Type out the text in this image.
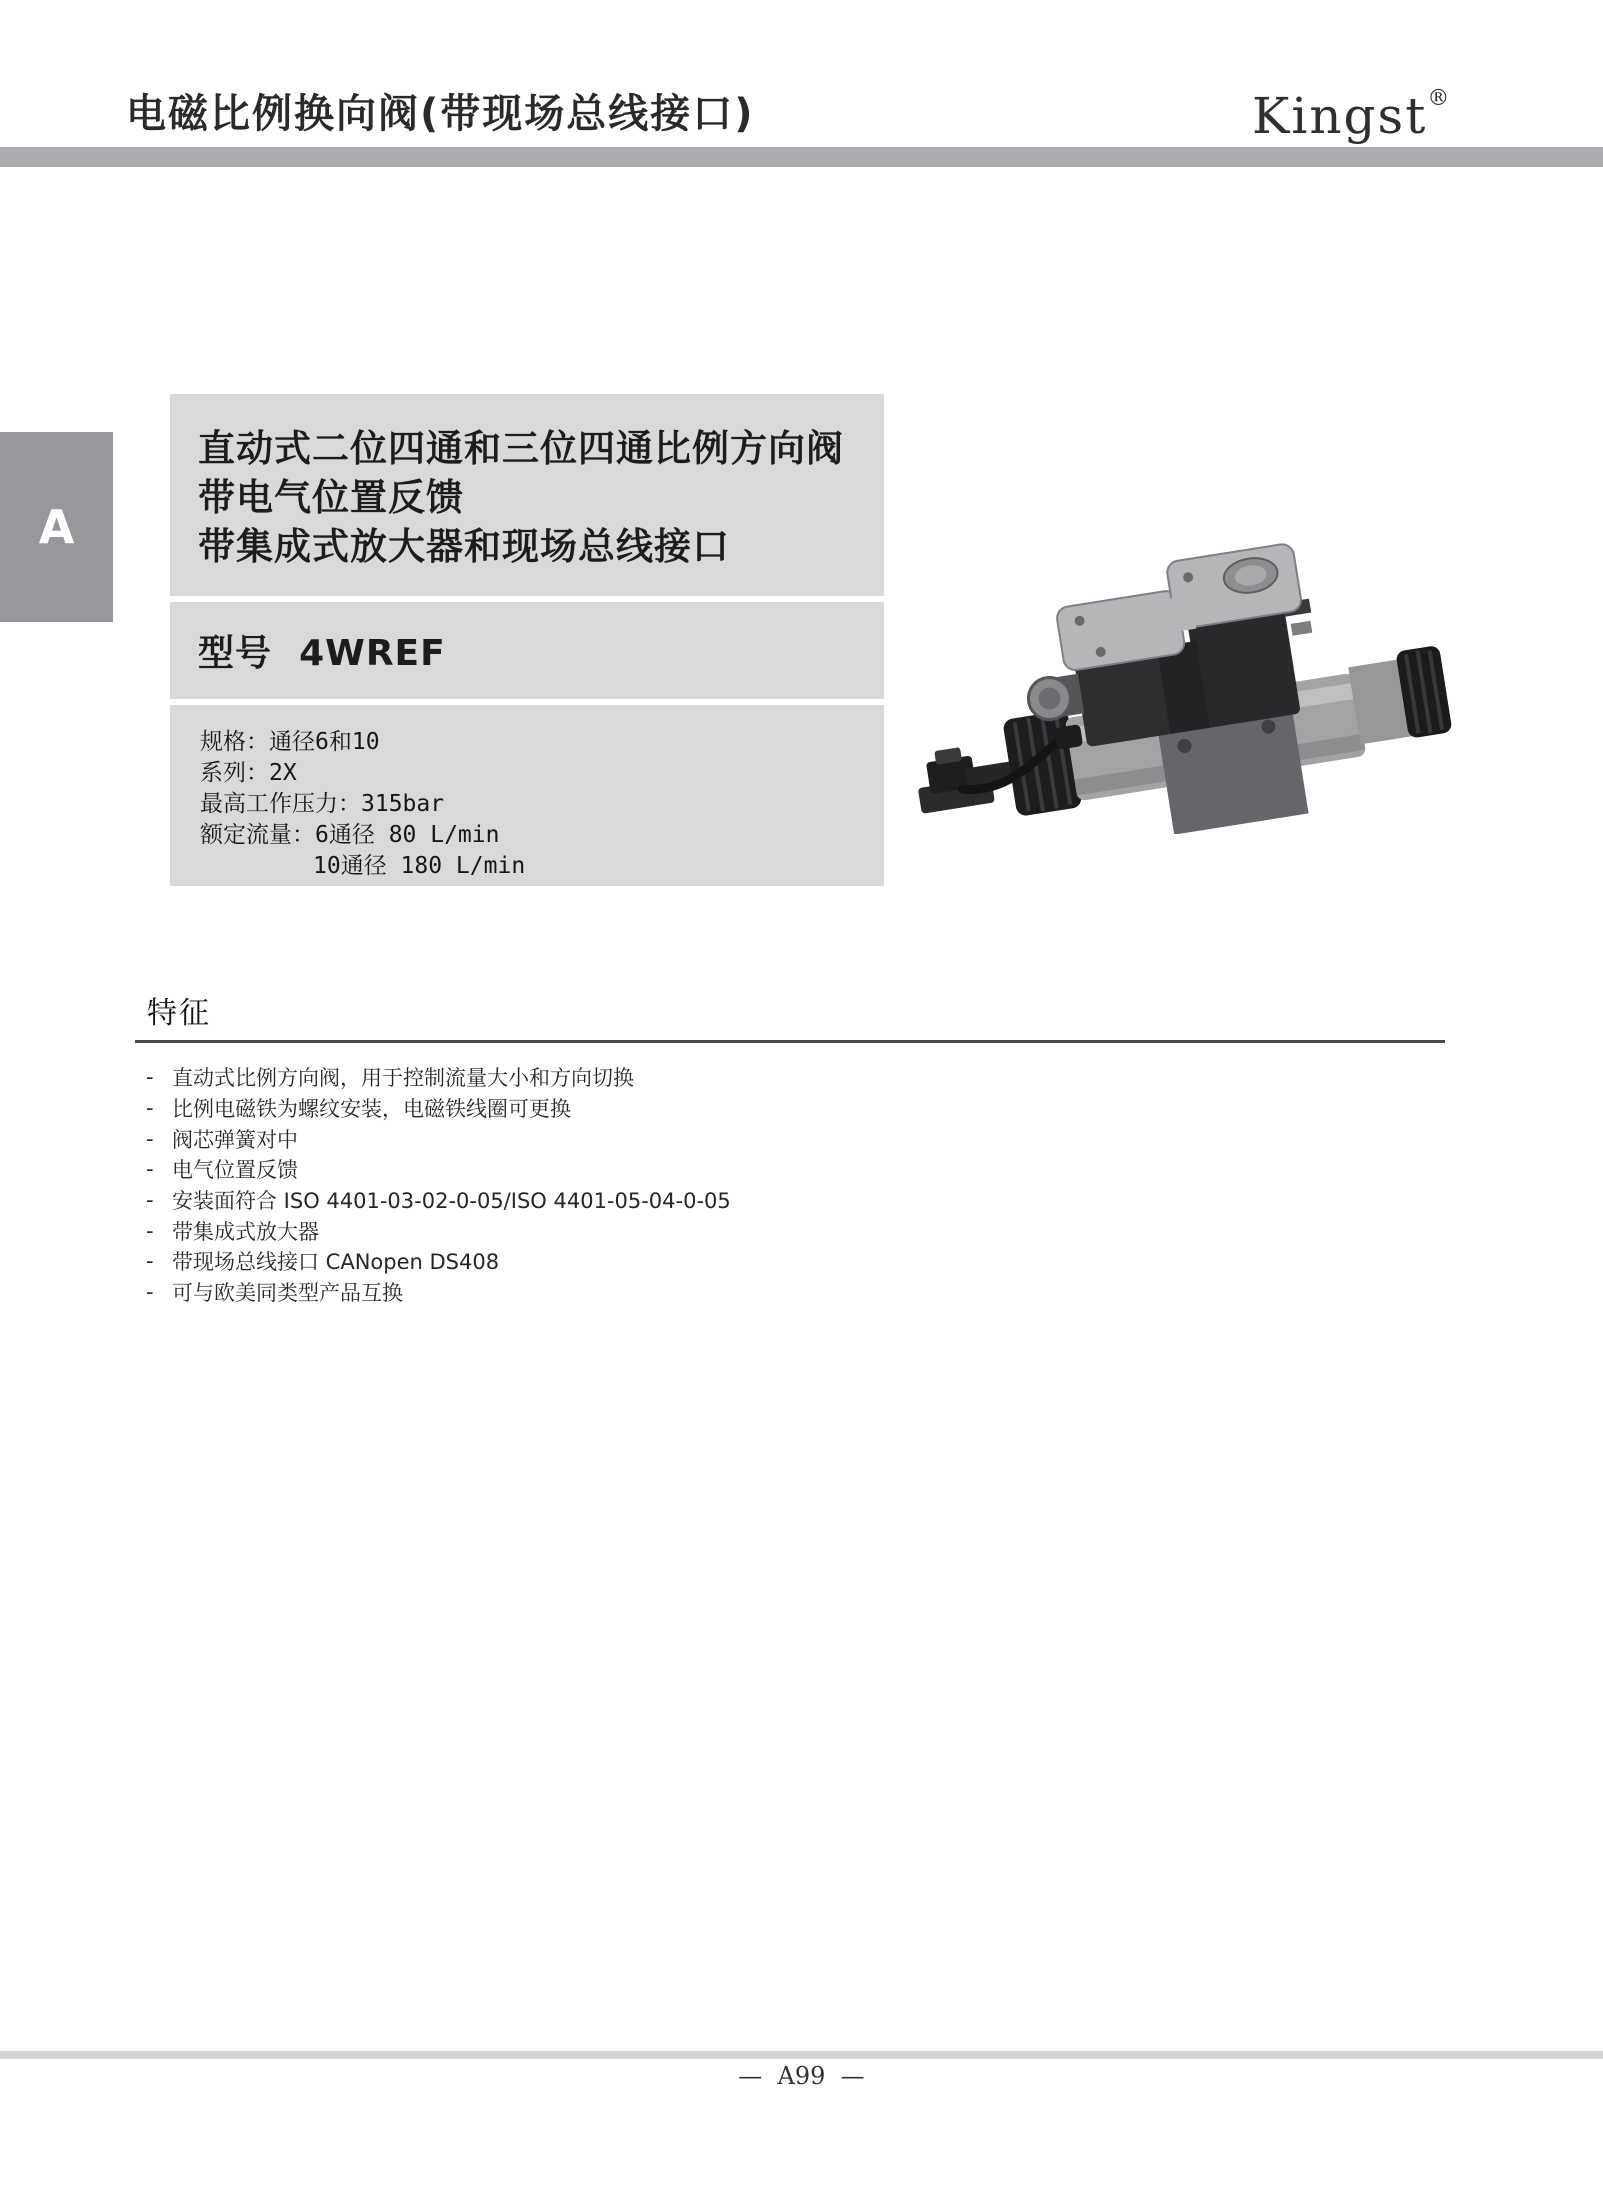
电磁比例换向阀(带现场总线接口)	Kingst®
A
直动式二位四通和三位四通比例方向阀
带电气位置反馈
带集成式放大器和现场总线接口
型号  4WREF
规格：通径6和10
系列：2X
最高工作压力：315bar
额定流量：6通径 80 L/min
10通径 180 L/min
特征
- 直动式比例方向阀，用于控制流量大小和方向切换
- 比例电磁铁为螺纹安装，电磁铁线圈可更换
- 阀芯弹簧对中
- 电气位置反馈
- 安装面符合 ISO 4401-03-02-0-05/ISO 4401-05-04-0-05
- 带集成式放大器
- 带现场总线接口 CANopen DS408
- 可与欧美同类型产品互换
—  A99  —
